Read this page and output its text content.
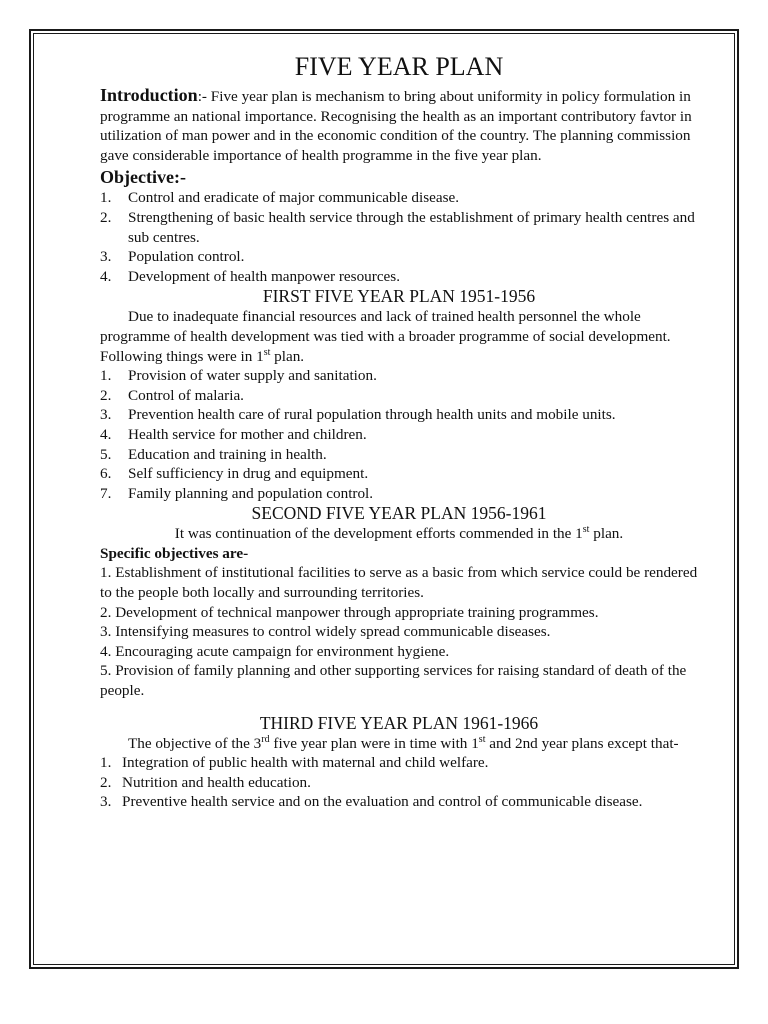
FIVE YEAR PLAN

Introduction:- Five year plan is mechanism to bring about uniformity in policy formulation in programme an national importance. Recognising the health as an important contributory favtor in utilization of man power and in the economic condition of the country. The planning commission gave considerable importance of health programme in the five year plan.

Objective:-
1.	Control and eradicate of major communicable disease.
2.	Strengthening of basic health service through the establishment of primary health centres and sub centres.
3.	Population control.
4.	Development of health manpower resources.
FIRST FIVE YEAR PLAN 1951-1956

Due to inadequate financial resources and lack of trained health personnel the whole programme of health development was tied with a broader programme of social development. Following things were in 1st plan.

1.	Provision of water supply and sanitation.
2.	Control of malaria.
3. Prevention health care of rural population through health units and mobile units.
4.	Health service for mother and children.
5.	Education and training in health.
6.	Self sufficiency in drug and equipment.
7.	Family planning and population control.
SECOND FIVE YEAR PLAN 1956-1961

It was continuation of the development efforts commended in the 1st plan.

Specific objectives are-
1. Establishment of institutional facilities to serve as a basic from which service could be rendered to the people both locally and surrounding territories.
2. Development of technical manpower through appropriate training programmes.
3. Intensifying measures to control widely spread communicable diseases.
4. Encouraging acute campaign for environment hygiene.
5. Provision of family planning and other supporting services for raising standard of death of the people.
THIRD FIVE YEAR PLAN 1961-1966

The objective of the 3rd five year plan were in time with 1st and 2nd year plans except that-

1. Integration of public health with maternal and child welfare.
2. Nutrition and health education.
3. Preventive health service and on the evaluation and control of communicable disease.
